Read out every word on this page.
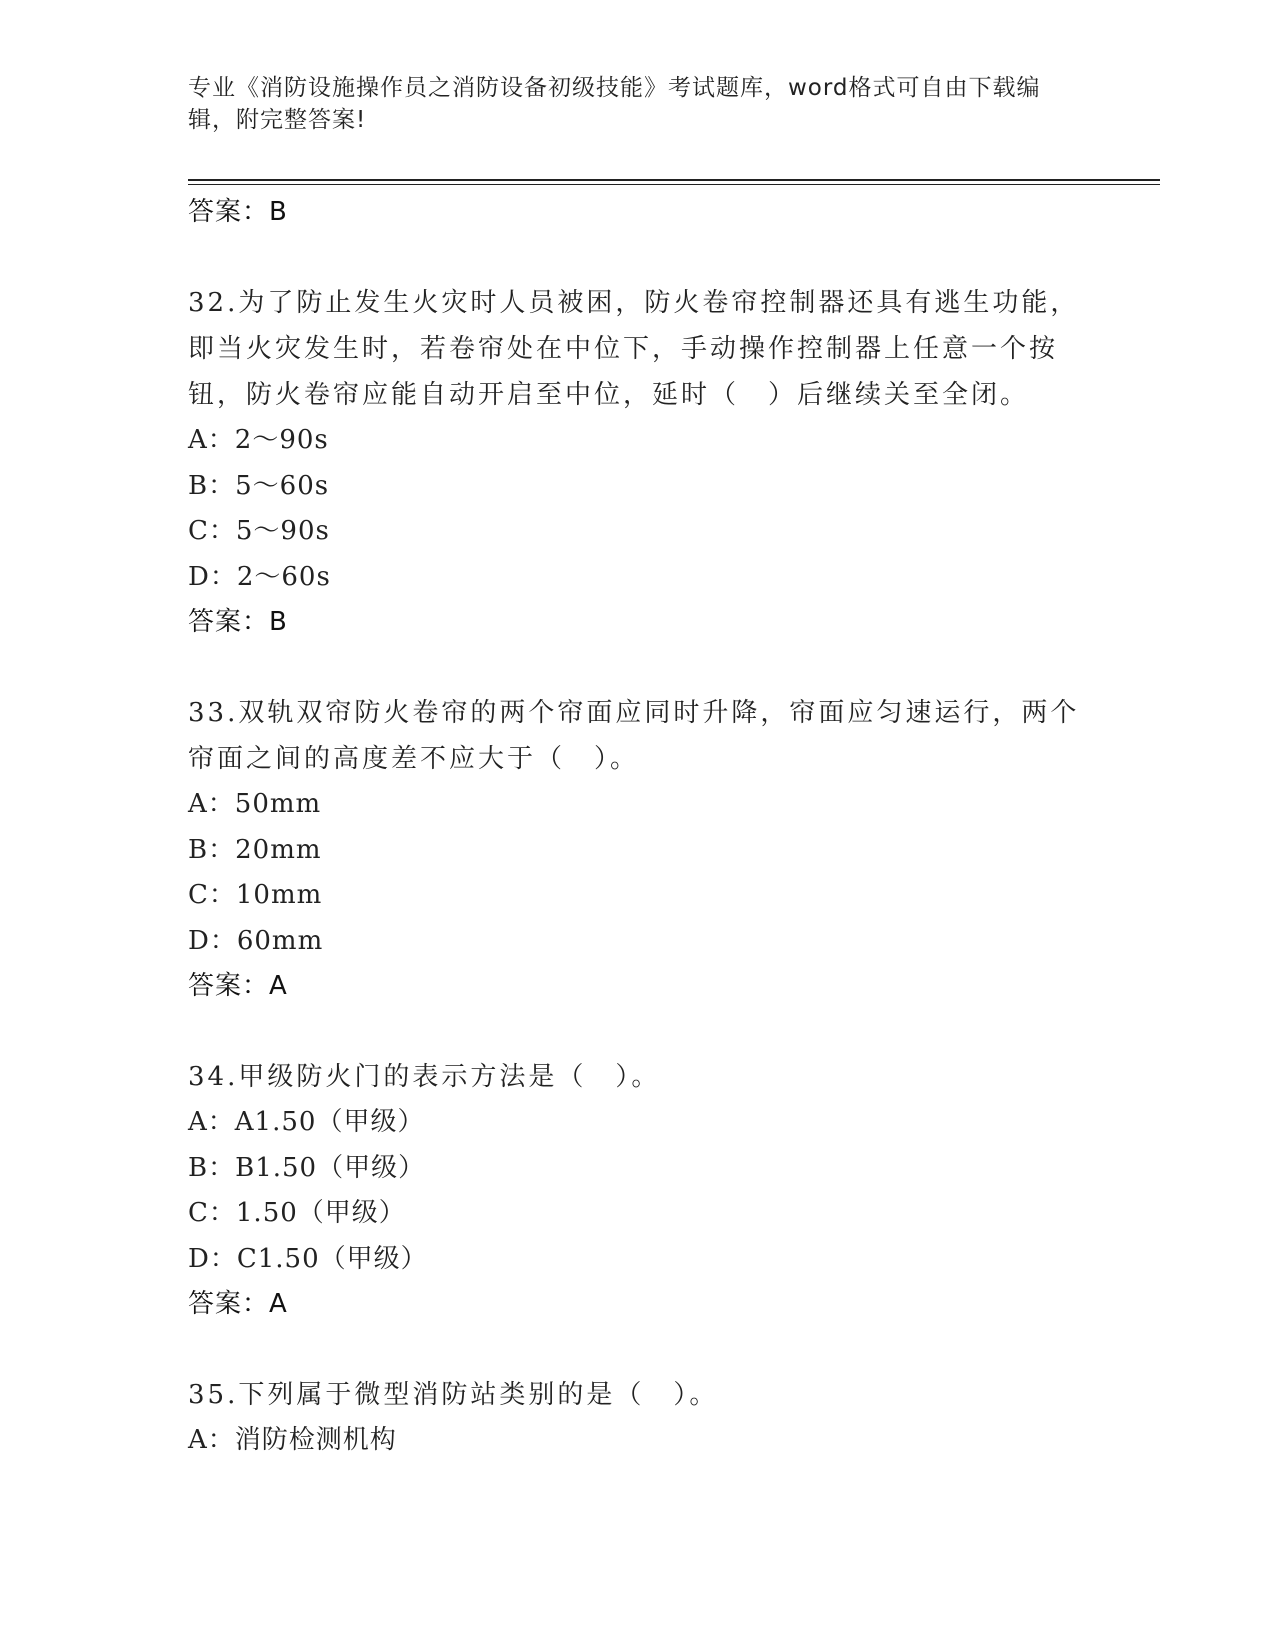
专业《消防设施操作员之消防设备初级技能》考试题库，word格式可自由下载编辑，附完整答案!
答案：B
32.为了防止发生火灾时人员被困，防火卷帘控制器还具有逃生功能，即当火灾发生时，若卷帘处在中位下，手动操作控制器上任意一个按钮，防火卷帘应能自动开启至中位，延时（　）后继续关至全闭。
A：2～90s
B：5～60s
C：5～90s
D：2～60s
答案：B
33.双轨双帘防火卷帘的两个帘面应同时升降，帘面应匀速运行，两个帘面之间的高度差不应大于（　）。
A：50mm
B：20mm
C：10mm
D：60mm
答案：A
34.甲级防火门的表示方法是（　）。
A：A1.50（甲级）
B：B1.50（甲级）
C：1.50（甲级）
D：C1.50（甲级）
答案：A
35.下列属于微型消防站类别的是（　）。
A：消防检测机构
